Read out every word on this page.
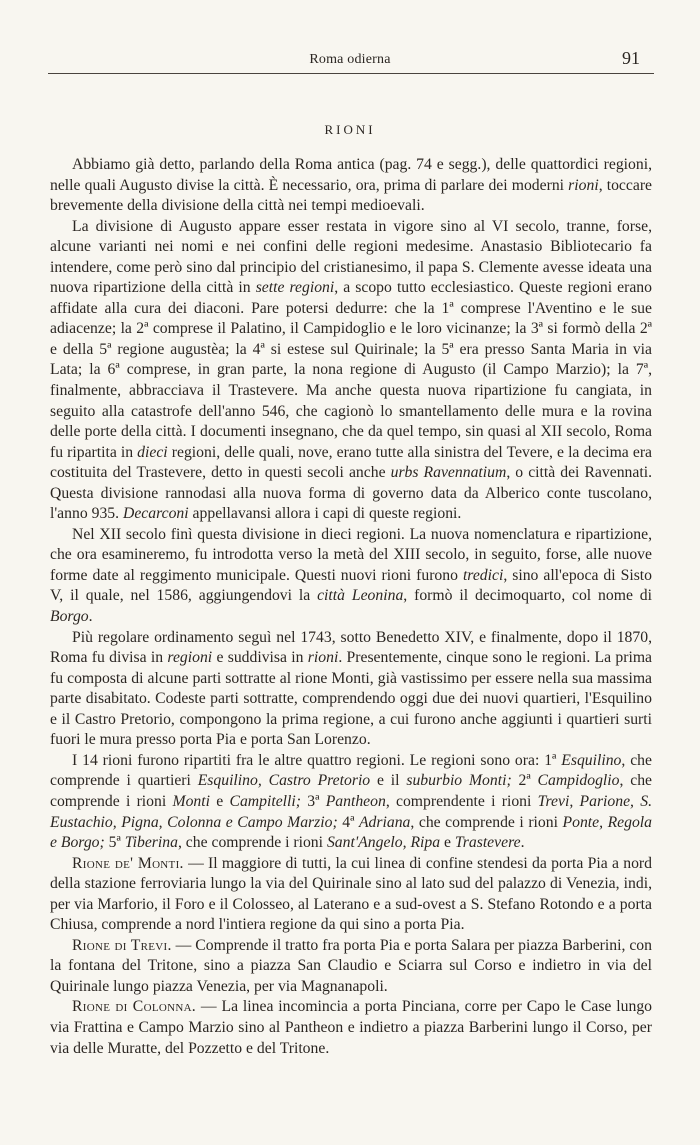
Roma odierna	91
RIONI

Abbiamo già detto, parlando della Roma antica (pag. 74 e segg.), delle quattordici regioni, nelle quali Augusto divise la città. È necessario, ora, prima di parlare dei moderni rioni, toccare brevemente della divisione della città nei tempi medioevali.

La divisione di Augusto appare esser restata in vigore sino al VI secolo, tranne, forse, alcune varianti nei nomi e nei confini delle regioni medesime. Anastasio Bibliotecario fa intendere, come però sino dal principio del cristianesimo, il papa S. Clemente avesse ideata una nuova ripartizione della città in sette regioni, a scopo tutto ecclesiastico. Queste regioni erano affidate alla cura dei diaconi. Pare potersi dedurre: che la 1ª comprese l'Aventino e le sue adiacenze; la 2ª comprese il Palatino, il Campidoglio e le loro vicinanze; la 3ª si formò della 2ª e della 5ª regione augustèa; la 4ª si estese sul Quirinale; la 5ª era presso Santa Maria in via Lata; la 6ª comprese, in gran parte, la nona regione di Augusto (il Campo Marzio); la 7ª, finalmente, abbracciava il Trastevere. Ma anche questa nuova ripartizione fu cangiata, in seguito alla catastrofe dell'anno 546, che cagionò lo smantellamento delle mura e la rovina delle porte della città. I documenti insegnano, che da quel tempo, sin quasi al XII secolo, Roma fu ripartita in dieci regioni, delle quali, nove, erano tutte alla sinistra del Tevere, e la decima era costituita del Trastevere, detto in questi secoli anche urbs Ravennatium, o città dei Ravennati. Questa divisione rannodasi alla nuova forma di governo data da Alberico conte tuscolano, l'anno 935. Decarconi appellavansi allora i capi di queste regioni.

Nel XII secolo finì questa divisione in dieci regioni. La nuova nomenclatura e ripartizione, che ora esamineremo, fu introdotta verso la metà del XIII secolo, in seguito, forse, alle nuove forme date al reggimento municipale. Questi nuovi rioni furono tredici, sino all'epoca di Sisto V, il quale, nel 1586, aggiungendovi la città Leonina, formò il decimoquarto, col nome di Borgo.

Più regolare ordinamento seguì nel 1743, sotto Benedetto XIV, e finalmente, dopo il 1870, Roma fu divisa in regioni e suddivisa in rioni. Presentemente, cinque sono le regioni. La prima fu composta di alcune parti sottratte al rione Monti, già vastissimo per essere nella sua massima parte disabitato. Codeste parti sottratte, comprendendo oggi due dei nuovi quartieri, l'Esquilino e il Castro Pretorio, compongono la prima regione, a cui furono anche aggiunti i quartieri surti fuori le mura presso porta Pia e porta San Lorenzo.

I 14 rioni furono ripartiti fra le altre quattro regioni. Le regioni sono ora: 1ª Esquilino, che comprende i quartieri Esquilino, Castro Pretorio e il suburbio Monti; 2ª Campidoglio, che comprende i rioni Monti e Campitelli; 3ª Pantheon, comprendente i rioni Trevi, Parione, S. Eustachio, Pigna, Colonna e Campo Marzio; 4ª Adriana, che comprende i rioni Ponte, Regola e Borgo; 5ª Tiberina, che comprende i rioni Sant'Angelo, Ripa e Trastevere.

Rione de' Monti. — Il maggiore di tutti, la cui linea di confine stendesi da porta Pia a nord della stazione ferroviaria lungo la via del Quirinale sino al lato sud del palazzo di Venezia, indi, per via Marforio, il Foro e il Colosseo, al Laterano e a sud-ovest a S. Stefano Rotondo e a porta Chiusa, comprende a nord l'intiera regione da qui sino a porta Pia.

Rione di Trevi. — Comprende il tratto fra porta Pia e porta Salara per piazza Barberini, con la fontana del Tritone, sino a piazza San Claudio e Sciarra sul Corso e indietro in via del Quirinale lungo piazza Venezia, per via Magnanapoli.

Rione di Colonna. — La linea incomincia a porta Pinciana, corre per Capo le Case lungo via Frattina e Campo Marzio sino al Pantheon e indietro a piazza Barberini lungo il Corso, per via delle Muratte, del Pozzetto e del Tritone.
